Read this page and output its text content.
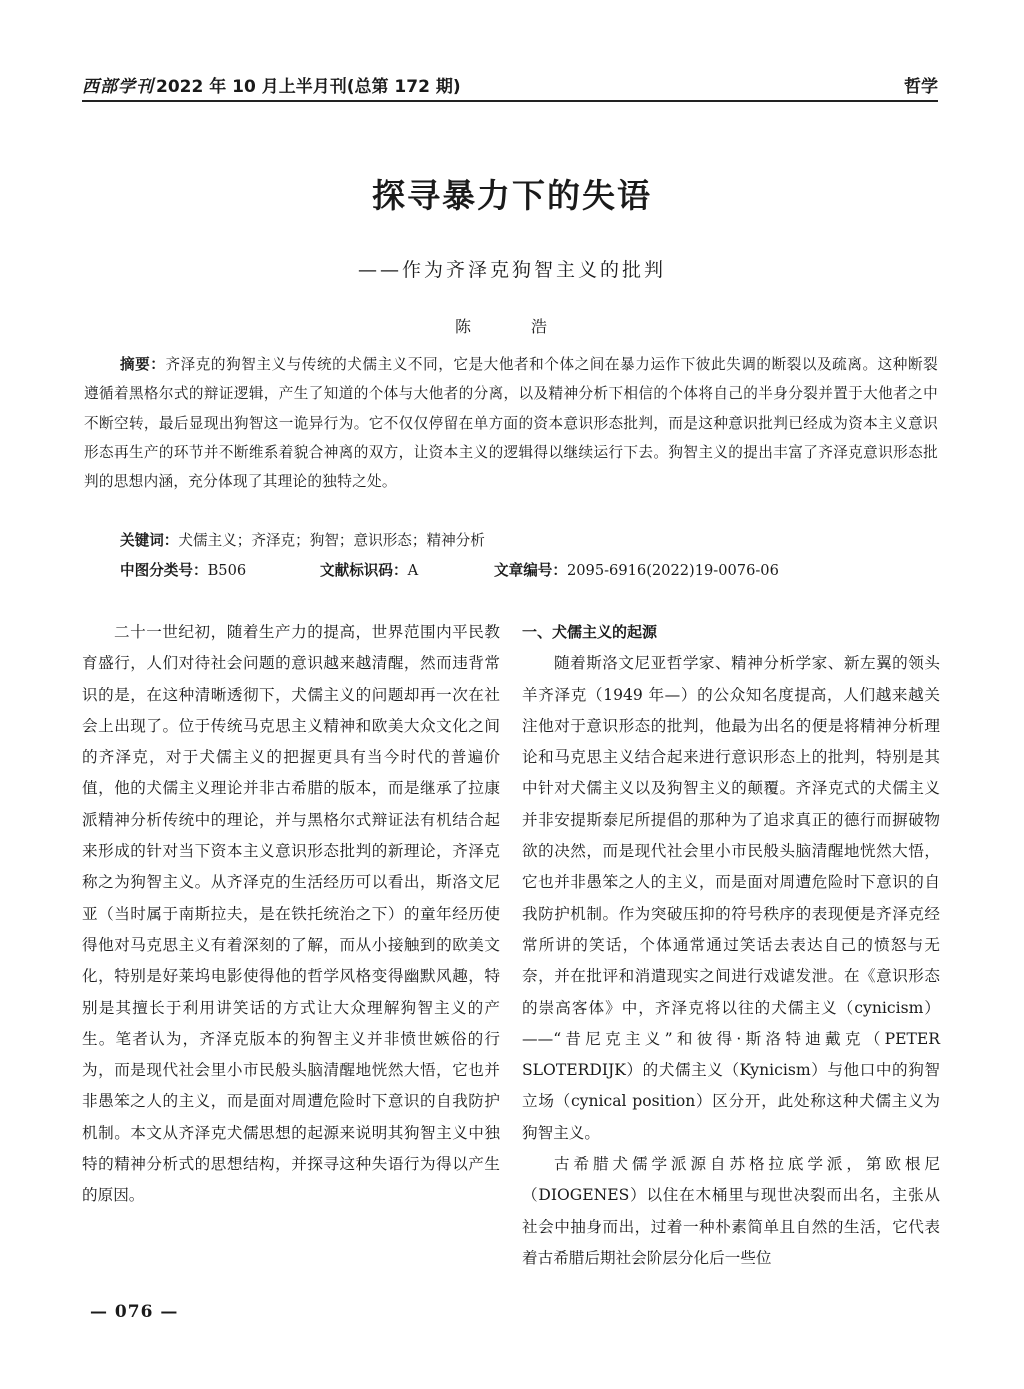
西部学刊 2022 年 10 月上半月刊(总第 172 期)	哲学
探寻暴力下的失语
——作为齐泽克狗智主义的批判
陈　浩
摘要：齐泽克的狗智主义与传统的犬儒主义不同，它是大他者和个体之间在暴力运作下彼此失调的断裂以及疏离。这种断裂遵循着黑格尔式的辩证逻辑，产生了知道的个体与大他者的分离，以及精神分析下相信的个体将自己的半身分裂并置于大他者之中不断空转，最后显现出狗智这一诡异行为。它不仅仅停留在单方面的资本意识形态批判，而是这种意识批判已经成为资本主义意识形态再生产的环节并不断维系着貌合神离的双方，让资本主义的逻辑得以继续运行下去。狗智主义的提出丰富了齐泽克意识形态批判的思想内涵，充分体现了其理论的独特之处。
关键词：犬儒主义；齐泽克；狗智；意识形态；精神分析
中图分类号：B506	文献标识码：A	文章编号：2095-6916(2022)19-0076-06

二十一世纪初，随着生产力的提高，世界范围内平民教育盛行，人们对待社会问题的意识越来越清醒，然而违背常识的是，在这种清晰透彻下，犬儒主义的问题却再一次在社会上出现了。位于传统马克思主义精神和欧美大众文化之间的齐泽克，对于犬儒主义的把握更具有当今时代的普遍价值，他的犬儒主义理论并非古希腊的版本，而是继承了拉康派精神分析传统中的理论，并与黑格尔式辩证法有机结合起来形成的针对当下资本主义意识形态批判的新理论，齐泽克称之为狗智主义。从齐泽克的生活经历可以看出，斯洛文尼亚（当时属于南斯拉夫，是在铁托统治之下）的童年经历使得他对马克思主义有着深刻的了解，而从小接触到的欧美文化，特别是好莱坞电影使得他的哲学风格变得幽默风趣，特别是其擅长于利用讲笑话的方式让大众理解狗智主义的产生。笔者认为，齐泽克版本的狗智主义并非愤世嫉俗的行为，而是现代社会里小市民般头脑清醒地恍然大悟，它也并非愚笨之人的主义，而是面对周遭危险时下意识的自我防护机制。本文从齐泽克犬儒思想的起源来说明其狗智主义中独特的精神分析式的思想结构，并探寻这种失语行为得以产生的原因。

一、犬儒主义的起源

随着斯洛文尼亚哲学家、精神分析学家、新左翼的领头羊齐泽克（1949 年—）的公众知名度提高，人们越来越关注他对于意识形态的批判，他最为出名的便是将精神分析理论和马克思主义结合起来进行意识形态上的批判，特别是其中针对犬儒主义以及狗智主义的颠覆。齐泽克式的犬儒主义并非安提斯泰尼所提倡的那种为了追求真正的德行而摒破物欲的决然，而是现代社会里小市民般头脑清醒地恍然大悟，它也并非愚笨之人的主义，而是面对周遭危险时下意识的自我防护机制。作为突破压抑的符号秩序的表现便是齐泽克经常所讲的笑话，个体通常通过笑话去表达自己的愤怒与无奈，并在批评和消遣现实之间进行戏谑发泄。在《意识形态的崇高客体》中，齐泽克将以往的犬儒主义（cynicism）——“昔尼克主义”和彼得·斯洛特迪戴克（PETER SLOTERDIJK）的犬儒主义（Kynicism）与他口中的狗智立场（cynical position）区分开，此处称这种犬儒主义为狗智主义。

古希腊犬儒学派源自苏格拉底学派，第欧根尼（DIOGENES）以住在木桶里与现世决裂而出名，主张从社会中抽身而出，过着一种朴素简单且自然的生活，它代表着古希腊后期社会阶层分化后一些位

— 076 —
